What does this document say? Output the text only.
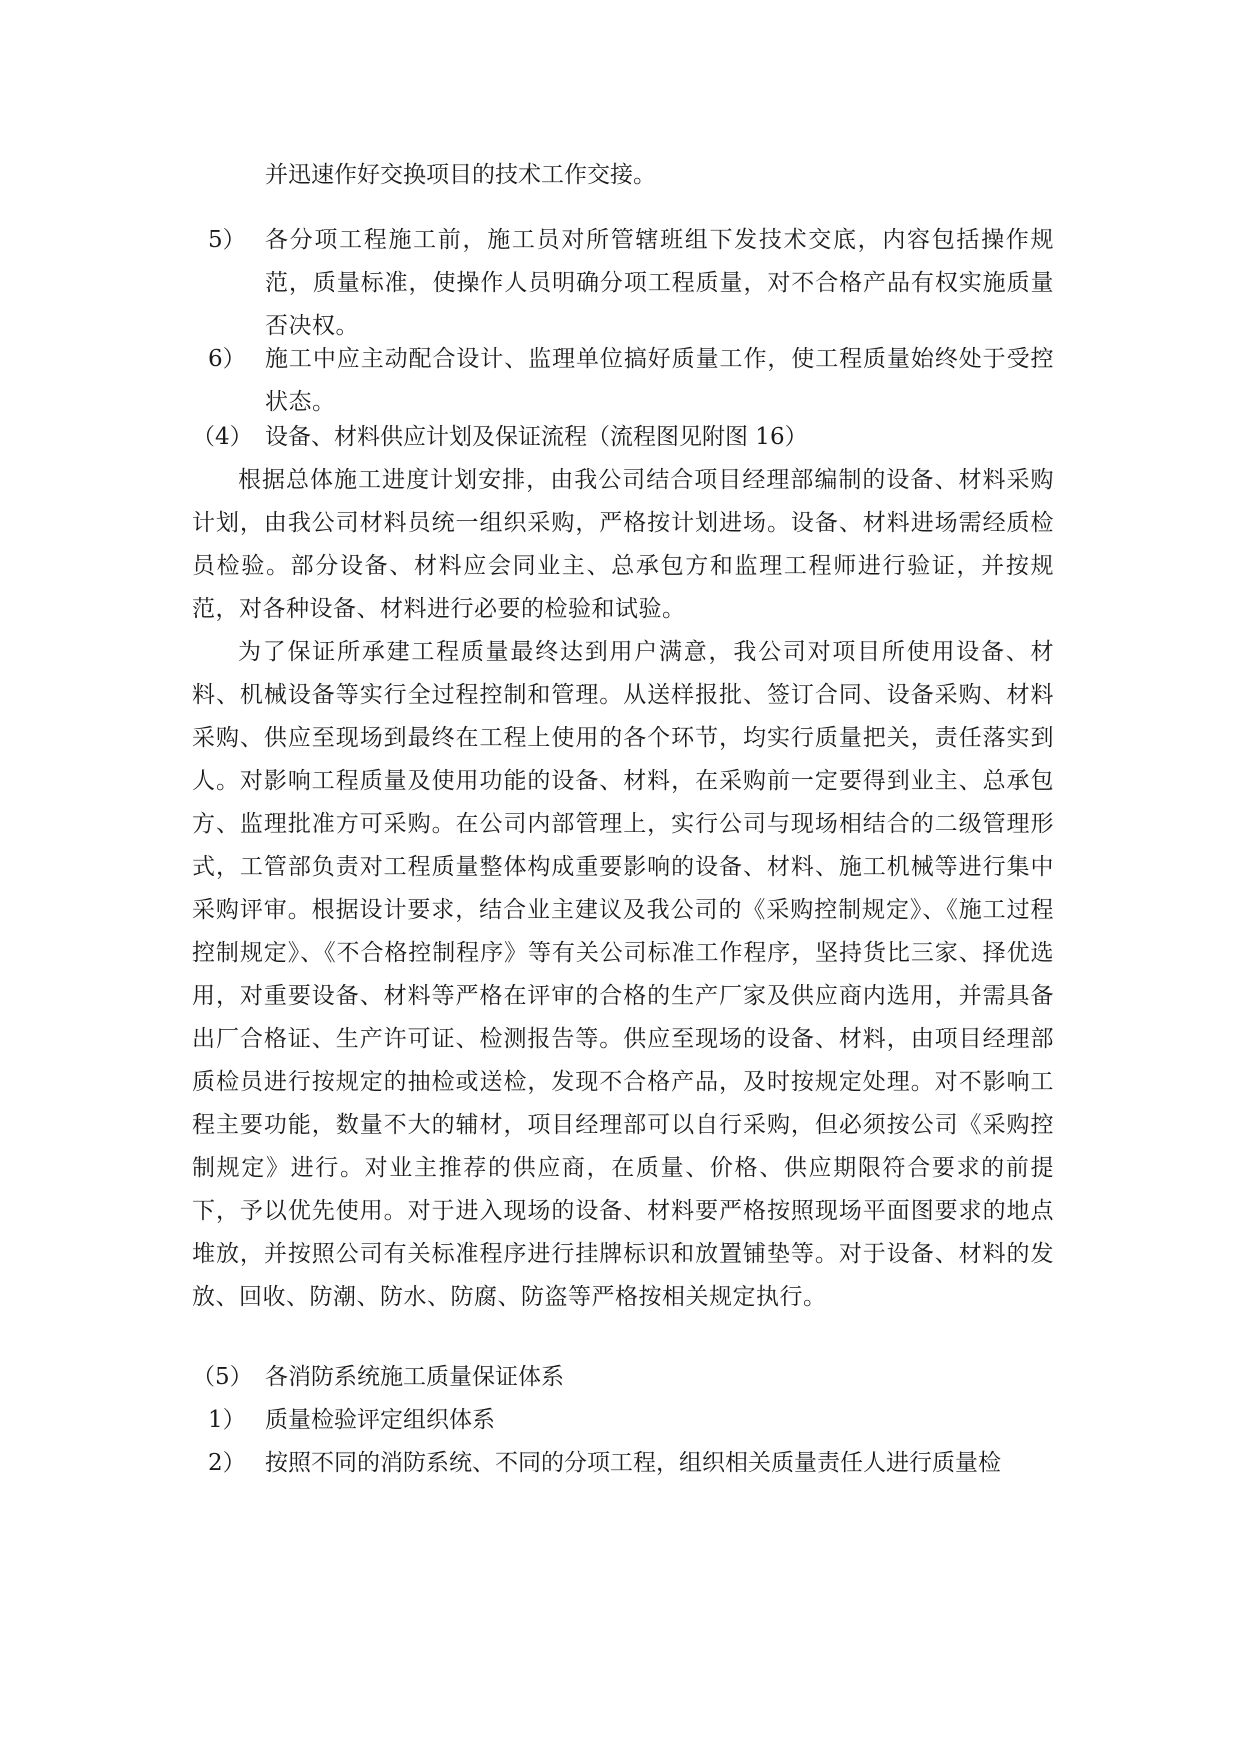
并迅速作好交换项目的技术工作交接。
5） 各分项工程施工前，施工员对所管辖班组下发技术交底，内容包括操作规范，质量标准，使操作人员明确分项工程质量，对不合格产品有权实施质量否决权。
6） 施工中应主动配合设计、监理单位搞好质量工作，使工程质量始终处于受控状态。
（4） 设备、材料供应计划及保证流程（流程图见附图 16）
根据总体施工进度计划安排，由我公司结合项目经理部编制的设备、材料采购计划，由我公司材料员统一组织采购，严格按计划进场。设备、材料进场需经质检员检验。部分设备、材料应会同业主、总承包方和监理工程师进行验证，并按规范，对各种设备、材料进行必要的检验和试验。
为了保证所承建工程质量最终达到用户满意，我公司对项目所使用设备、材料、机械设备等实行全过程控制和管理。从送样报批、签订合同、设备采购、材料采购、供应至现场到最终在工程上使用的各个环节，均实行质量把关，责任落实到人。对影响工程质量及使用功能的设备、材料，在采购前一定要得到业主、总承包方、监理批准方可采购。在公司内部管理上，实行公司与现场相结合的二级管理形式，工管部负责对工程质量整体构成重要影响的设备、材料、施工机械等进行集中采购评审。根据设计要求，结合业主建议及我公司的《采购控制规定》、《施工过程控制规定》、《不合格控制程序》等有关公司标准工作程序，坚持货比三家、择优选用，对重要设备、材料等严格在评审的合格的生产厂家及供应商内选用，并需具备出厂合格证、生产许可证、检测报告等。供应至现场的设备、材料，由项目经理部质检员进行按规定的抽检或送检，发现不合格产品，及时按规定处理。对不影响工程主要功能，数量不大的辅材，项目经理部可以自行采购，但必须按公司《采购控制规定》进行。对业主推荐的供应商，在质量、价格、供应期限符合要求的前提下，予以优先使用。对于进入现场的设备、材料要严格按照现场平面图要求的地点堆放，并按照公司有关标准程序进行挂牌标识和放置铺垫等。对于设备、材料的发放、回收、防潮、防水、防腐、防盗等严格按相关规定执行。
（5） 各消防系统施工质量保证体系
1） 质量检验评定组织体系
2） 按照不同的消防系统、不同的分项工程，组织相关质量责任人进行质量检
